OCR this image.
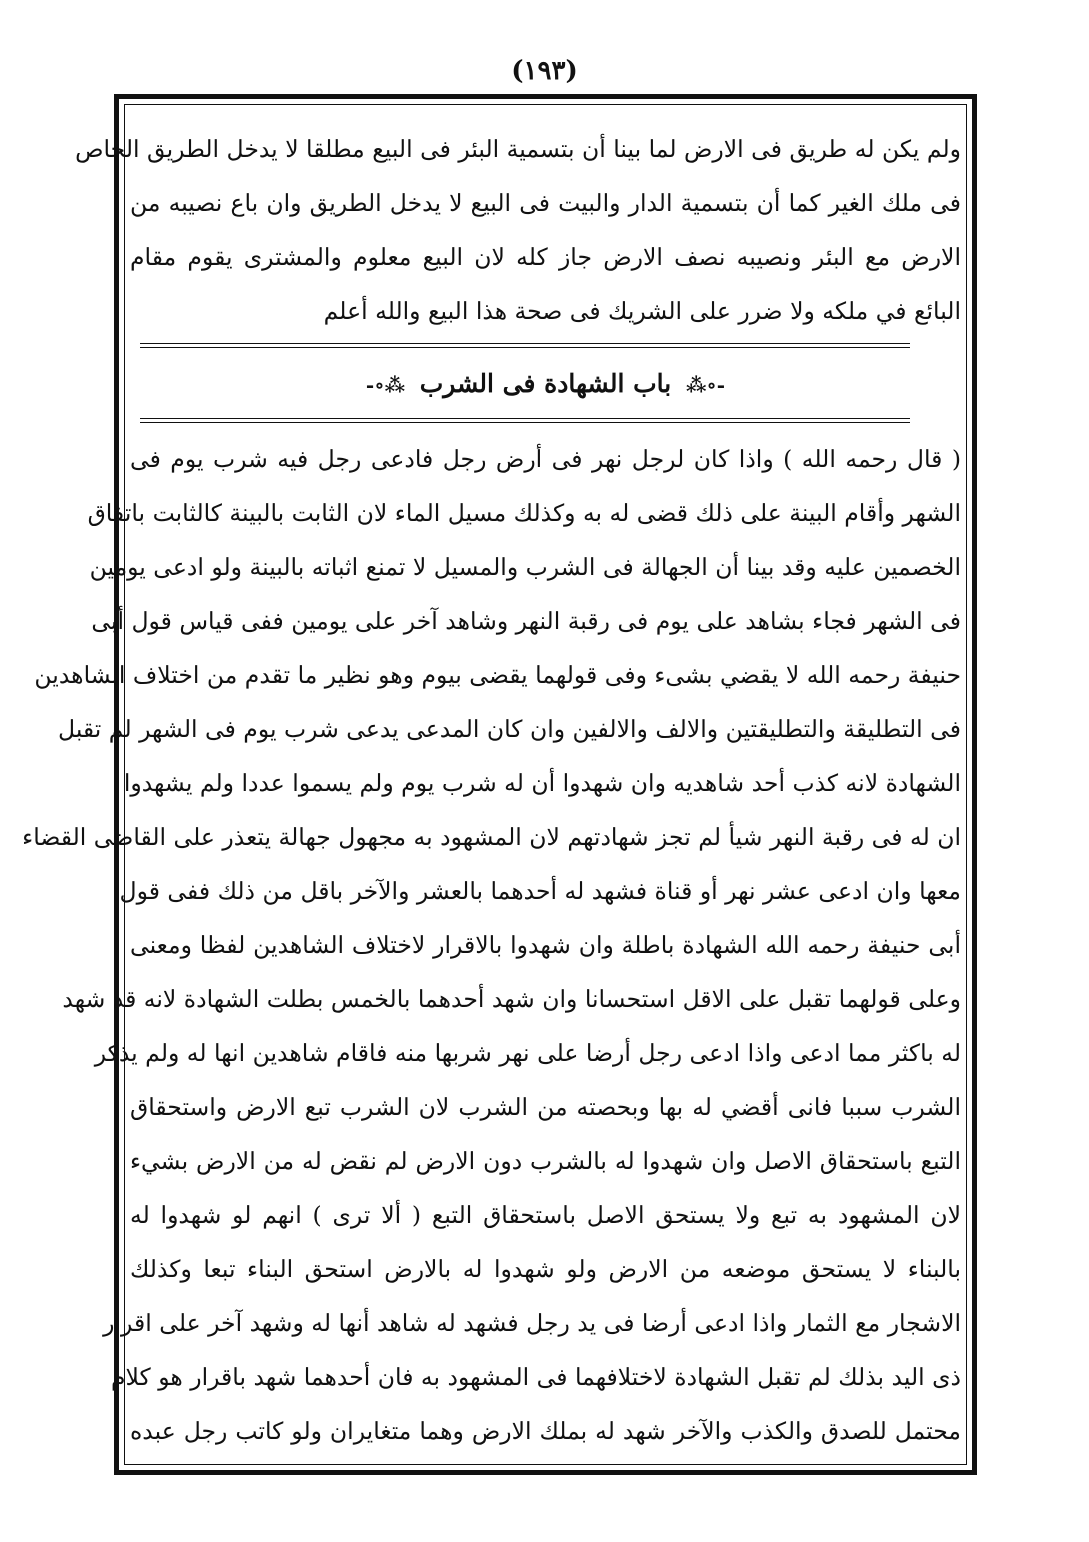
(١٩٣)
ولم يكن له طريق فى الارض لما بينا أن بتسمية البئر فى البيع مطلقا لا يدخل الطريق الخاص
فى ملك الغير كما أن بتسمية الدار والبيت فى البيع لا يدخل الطريق وان باع نصيبه من
الارض مع البئر ونصيبه نصف الارض جاز كله لان البيع معلوم والمشترى يقوم مقام
البائع في ملكه ولا ضرر على الشريك فى صحة هذا البيع والله أعلم
-∘⁂ باب الشهادة فى الشرب ⁂∘-
( قال رحمه الله ) واذا كان لرجل نهر فى أرض رجل فادعى رجل فيه شرب يوم فى
الشهر وأقام البينة على ذلك قضى له به وكذلك مسيل الماء لان الثابت بالبينة كالثابت باتفاق
الخصمين عليه وقد بينا أن الجهالة فى الشرب والمسيل لا تمنع اثباته بالبينة ولو ادعى يومين
فى الشهر فجاء بشاهد على يوم فى رقبة النهر وشاهد آخر على يومين ففى قياس قول أبى
حنيفة رحمه الله لا يقضي بشىء وفى قولهما يقضى بيوم وهو نظير ما تقدم من اختلاف الشاهدين
فى التطليقة والتطليقتين والالف والالفين وان كان المدعى يدعى شرب يوم فى الشهر لم تقبل
الشهادة لانه كذب أحد شاهديه وان شهدوا أن له شرب يوم ولم يسموا عددا ولم يشهدوا
ان له فى رقبة النهر شيأ لم تجز شهادتهم لان المشهود به مجهول جهالة يتعذر على القاضى القضاء
معها وان ادعى عشر نهر أو قناة فشهد له أحدهما بالعشر والآخر باقل من ذلك ففى قول
أبى حنيفة رحمه الله الشهادة باطلة وان شهدوا بالاقرار لاختلاف الشاهدين لفظا ومعنى
وعلى قولهما تقبل على الاقل استحسانا وان شهد أحدهما بالخمس بطلت الشهادة لانه قد شهد
له باكثر مما ادعى واذا ادعى رجل أرضا على نهر شربها منه فاقام شاهدين انها له ولم يذكر
الشرب سببا فانى أقضي له بها وبحصته من الشرب لان الشرب تبع الارض واستحقاق
التبع باستحقاق الاصل وان شهدوا له بالشرب دون الارض لم نقض له من الارض بشيء
لان المشهود به تبع ولا يستحق الاصل باستحقاق التبع ( ألا ترى ) انهم لو شهدوا له
بالبناء لا يستحق موضعه من الارض ولو شهدوا له بالارض استحق البناء تبعا وكذلك
الاشجار مع الثمار واذا ادعى أرضا فى يد رجل فشهد له شاهد أنها له وشهد آخر على اقرار
ذى اليد بذلك لم تقبل الشهادة لاختلافهما فى المشهود به فان أحدهما شهد باقرار هو كلام
محتمل للصدق والكذب والآخر شهد له بملك الارض وهما متغايران ولو كاتب رجل عبده
